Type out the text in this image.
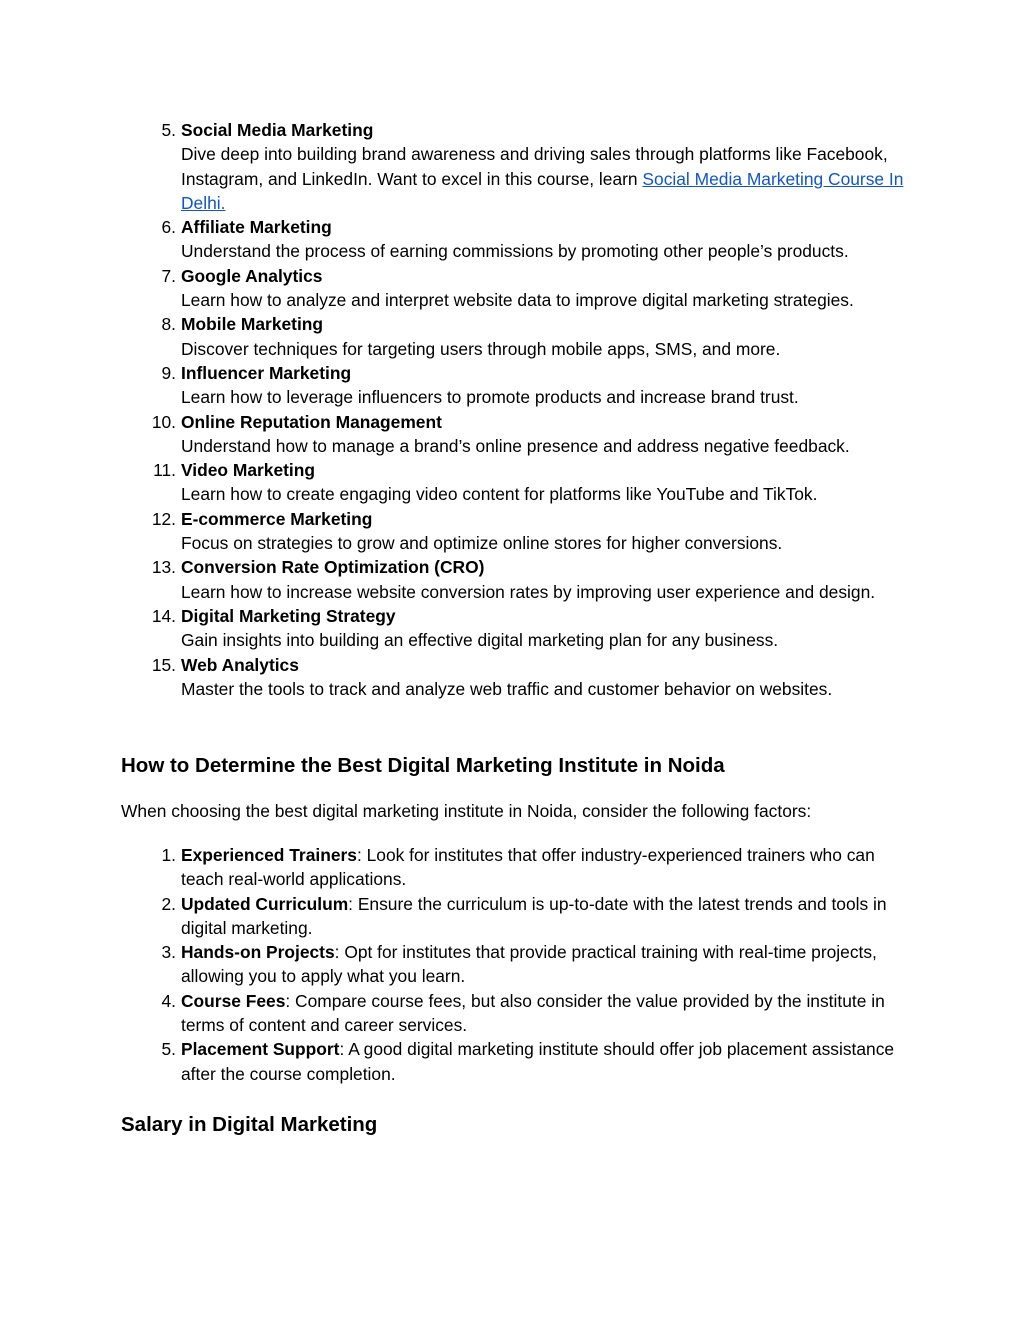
5. Social Media Marketing
Dive deep into building brand awareness and driving sales through platforms like Facebook, Instagram, and LinkedIn. Want to excel in this course, learn Social Media Marketing Course In Delhi.
6. Affiliate Marketing
Understand the process of earning commissions by promoting other people’s products.
7. Google Analytics
Learn how to analyze and interpret website data to improve digital marketing strategies.
8. Mobile Marketing
Discover techniques for targeting users through mobile apps, SMS, and more.
9. Influencer Marketing
Learn how to leverage influencers to promote products and increase brand trust.
10. Online Reputation Management
Understand how to manage a brand’s online presence and address negative feedback.
11. Video Marketing
Learn how to create engaging video content for platforms like YouTube and TikTok.
12. E-commerce Marketing
Focus on strategies to grow and optimize online stores for higher conversions.
13. Conversion Rate Optimization (CRO)
Learn how to increase website conversion rates by improving user experience and design.
14. Digital Marketing Strategy
Gain insights into building an effective digital marketing plan for any business.
15. Web Analytics
Master the tools to track and analyze web traffic and customer behavior on websites.
How to Determine the Best Digital Marketing Institute in Noida

When choosing the best digital marketing institute in Noida, consider the following factors:

1. Experienced Trainers: Look for institutes that offer industry-experienced trainers who can teach real-world applications.
2. Updated Curriculum: Ensure the curriculum is up-to-date with the latest trends and tools in digital marketing.
3. Hands-on Projects: Opt for institutes that provide practical training with real-time projects, allowing you to apply what you learn.
4. Course Fees: Compare course fees, but also consider the value provided by the institute in terms of content and career services.
5. Placement Support: A good digital marketing institute should offer job placement assistance after the course completion.
Salary in Digital Marketing
